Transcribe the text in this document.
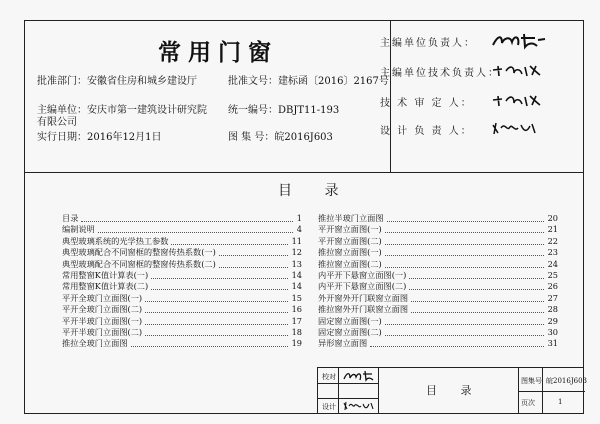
常用门窗
批准部门：安徽省住房和城乡建设厅	批准文号：建标函〔2016〕2167号
主编单位：安庆市第一建筑设计研究院有限公司
统一编号：DBJT11-193
实行日期：2016年12月1日	图 集 号：皖2016J603
主编单位负责人：
主编单位技术负责人：
技 术 审 定 人：
设 计 负 责 人：
目 录
目录	1
编制说明	4
典型玻璃系统的光学热工参数	11
典型玻璃配合不同窗框的整窗传热系数(一)	12
典型玻璃配合不同窗框的整窗传热系数(二)	13
常用整窗K值计算表(一)	14
常用整窗K值计算表(二)	14
平开全玻门立面图(一)	15
平开全玻门立面图(二)	16
平开半玻门立面图(一)	17
平开半玻门立面图(二)	18
推拉全玻门立面图	19
推拉半玻门立面图	20
平开窗立面图(一)	21
平开窗立面图(二)	22
推拉窗立面图(一)	23
推拉窗立面图(二)	24
内平开下悬窗立面图(一)	25
内平开下悬窗立面图(二)	26
外开窗外开门联窗立面图	27
推拉窗外开门联窗立面图	28
固定窗立面图(一)	29
固定窗立面图(二)	30
异形窗立面图	31
校对
设计
目 录
图集号 皖2016J603
页次	1
